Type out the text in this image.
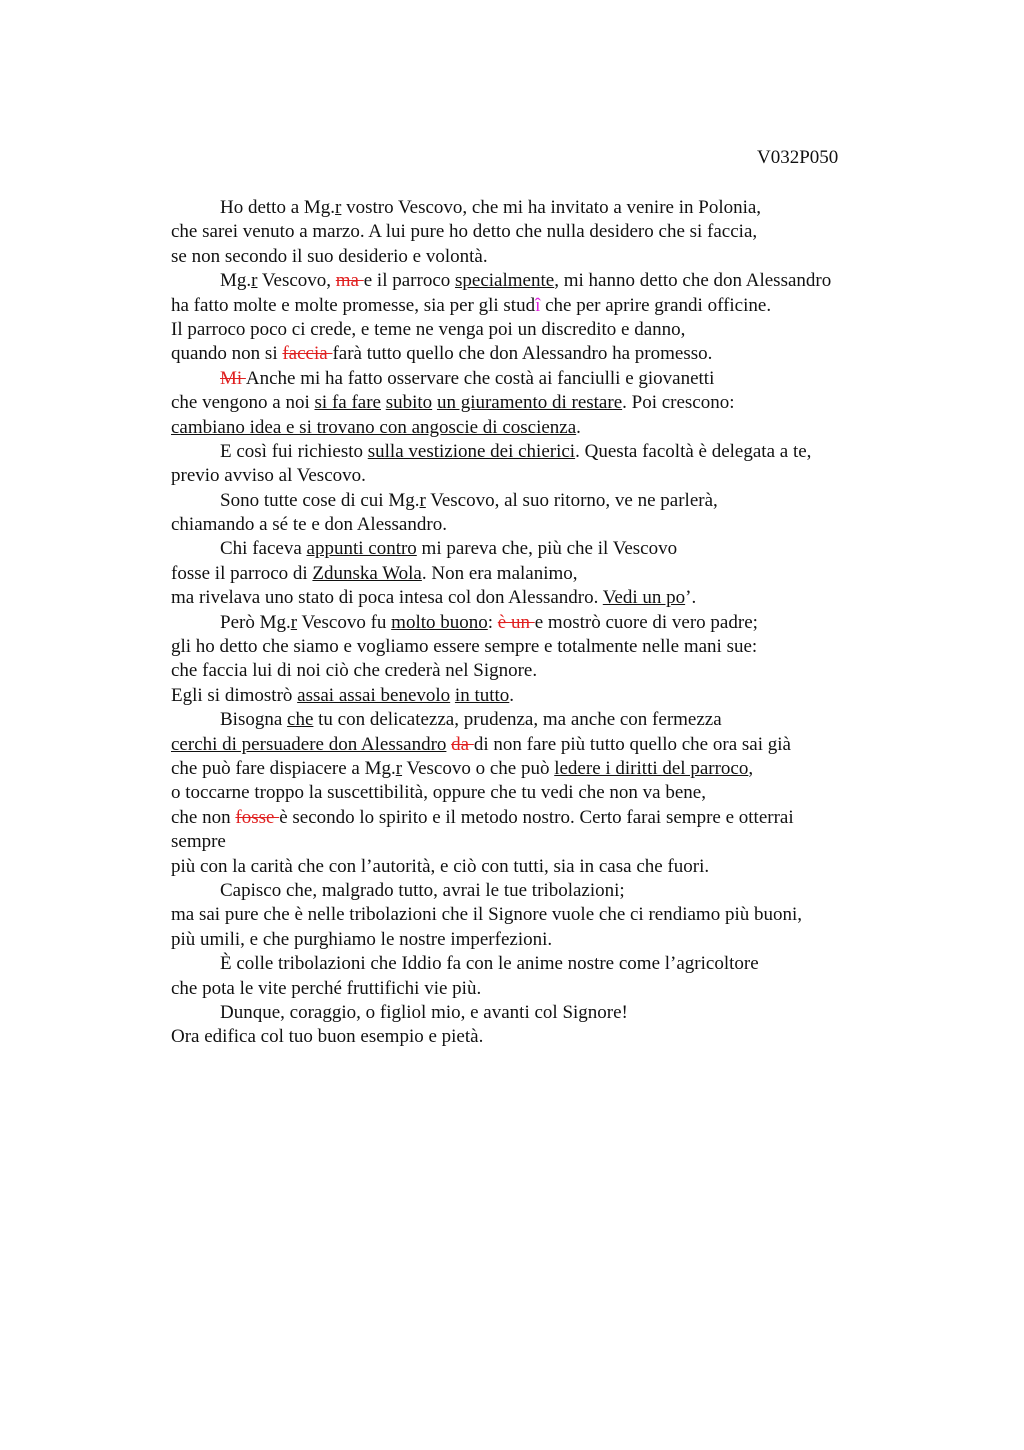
V032P050
Ho detto a Mg.r vostro Vescovo, che mi ha invitato a venire in Polonia,
che sarei venuto a marzo. A lui pure ho detto che nulla desidero che si faccia,
se non secondo il suo desiderio e volontà.
Mg.r Vescovo, ma e il parroco specialmente, mi hanno detto che don Alessandro
ha fatto molte e molte promesse, sia per gli studî che per aprire grandi officine.
Il parroco poco ci crede, e teme ne venga poi un discredito e danno,
quando non si faccia farà tutto quello che don Alessandro ha promesso.
Mi Anche mi ha fatto osservare che costà ai fanciulli e giovanetti
che vengono a noi si fa fare subito un giuramento di restare. Poi crescono:
cambiano idea e si trovano con angoscie di coscienza.
E così fui richiesto sulla vestizione dei chierici. Questa facoltà è delegata a te,
previo avviso al Vescovo.
Sono tutte cose di cui Mg.r Vescovo, al suo ritorno, ve ne parlerà,
chiamando a sé te e don Alessandro.
Chi faceva appunti contro mi pareva che, più che il Vescovo
fosse il parroco di Zdunska Wola. Non era malanimo,
ma rivelava uno stato di poca intesa col don Alessandro. Vedi un po’.
Però Mg.r Vescovo fu molto buono: è un e mostrò cuore di vero padre;
gli ho detto che siamo e vogliamo essere sempre e totalmente nelle mani sue:
che faccia lui di noi ciò che crederà nel Signore.
Egli si dimostrò assai assai benevolo in tutto.
Bisogna che tu con delicatezza, prudenza, ma anche con fermezza
cerchi di persuadere don Alessandro da di non fare più tutto quello che ora sai già
che può fare dispiacere a Mg.r Vescovo o che può ledere i diritti del parroco,
o toccarne troppo la suscettibilità, oppure che tu vedi che non va bene,
che non fosse è secondo lo spirito e il metodo nostro. Certo farai sempre e otterrai
sempre
più con la carità che con l’autorità, e ciò con tutti, sia in casa che fuori.
Capisco che, malgrado tutto, avrai le tue tribolazioni;
ma sai pure che è nelle tribolazioni che il Signore vuole che ci rendiamo più buoni,
più umili, e che purghiamo le nostre imperfezioni.
È colle tribolazioni che Iddio fa con le anime nostre come l’agricoltore
che pota le vite perché fruttifichi vie più.
Dunque, coraggio, o figliol mio, e avanti col Signore!
Ora edifica col tuo buon esempio e pietà.
